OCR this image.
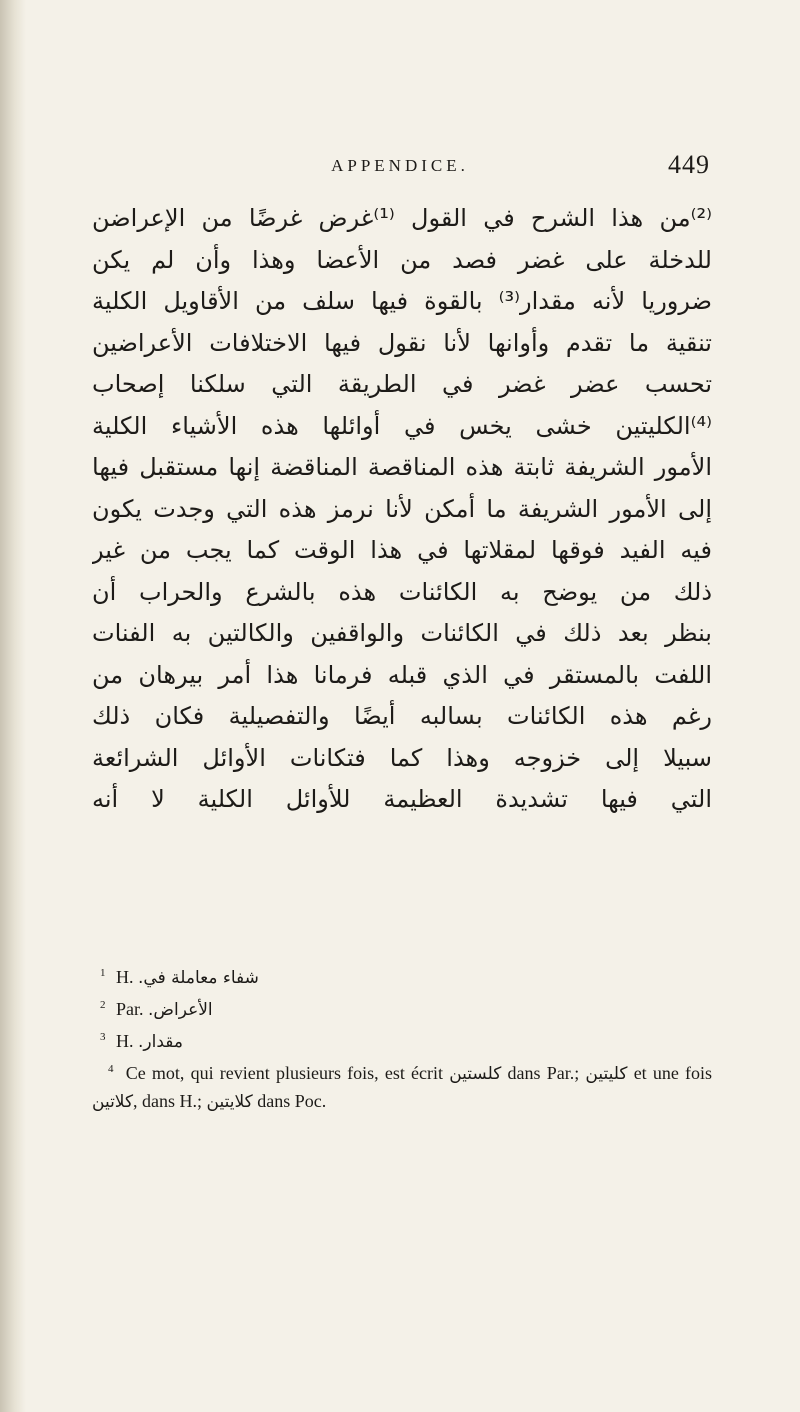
APPENDICE.	449
⁽²⁾من هذا الشرح في القول ⁽¹⁾غرض غرضًا من الإعراضن
للدخلة على غضر فصد من الأعضا وهذا وأن لم يكن
ضروريا لأنه مقدار⁽³⁾ بالقوة فيها سلف من الأقاويل الكلية
تنقية ما تقدم وأوانها لأنا نقول فيها الاختلافات الأعراضين
تحسب عضر غضر في الطريقة التي سلكنا إصحاب
⁽⁴⁾الكليتين خشى يخس في أوائلها هذه الأشياء الكلية
الأمور الشريفة ثابتة هذه المناقصة المناقضة إنها مستقبل فيها
إلى الأمور الشريفة ما أمكن لأنا نرمز هذه التي وجدت يكون
فيه الفيد فوقها لمقلاتها في هذا الوقت كما يجب من غير
ذلك من يوضح به الكائنات هذه بالشرع والحراب أن
بنظر بعد ذلك في الكائنات والواقفين والكالتين به الفنات
اللفت بالمستقر في الذي قبله فرمانا هذا أمر بيرهان من
رغم هذه الكائنات بسالبه أيضًا والتفصيلية فكان ذلك
سبيلا إلى خزوجه وهذا كما فتكانات الأوائل الشرائعة
التي فيها تشديدة العظيمة للأوائل الكلية لا أنه
$^1$ H. شفاء معاملة في.
$^2$ Par. الأعراض.
$^3$ H. مقدار.
$^4$ Ce mot, qui revient plusieurs fois, est écrit كلستين dans Par.; كليتين et une fois كلاتين, dans H.; كلايتين dans Poc.
